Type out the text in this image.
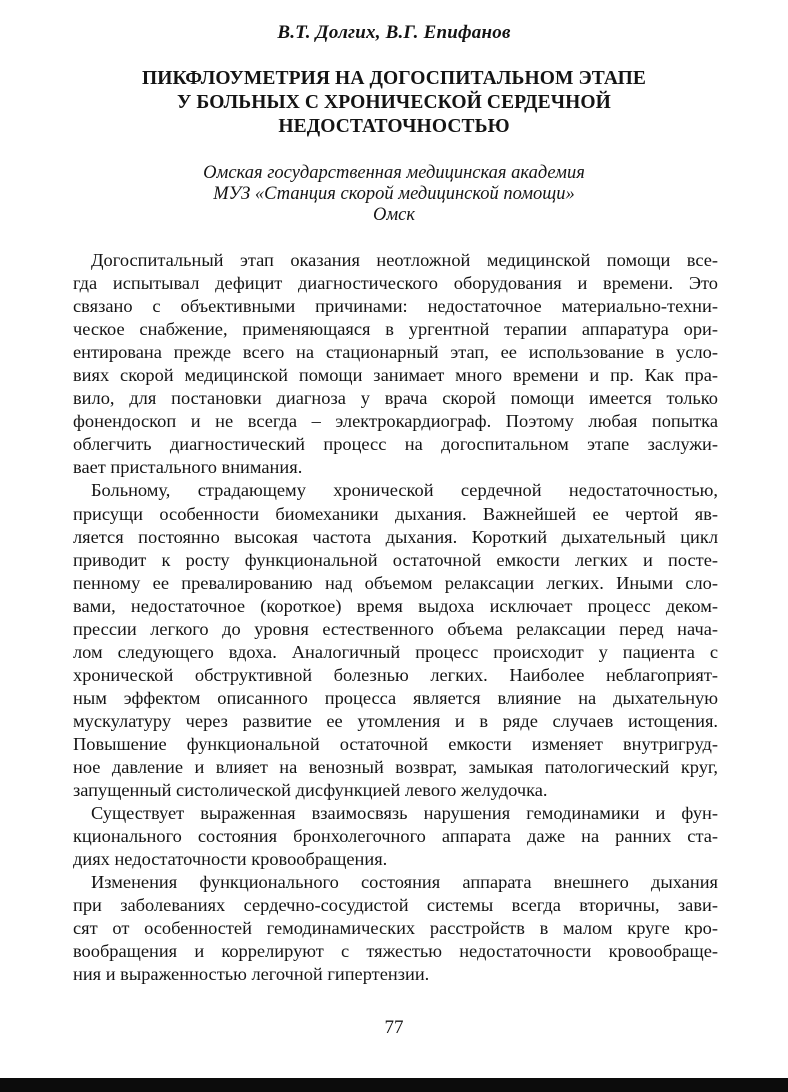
В.Т. Долгих, В.Г. Епифанов
ПИКФЛОУМЕТРИЯ НА ДОГОСПИТАЛЬНОМ ЭТАПЕ
У БОЛЬНЫХ С ХРОНИЧЕСКОЙ СЕРДЕЧНОЙ
НЕДОСТАТОЧНОСТЬЮ
Омская государственная медицинская академия
МУЗ «Станция скорой медицинской помощи»
Омск
Догоспитальный этап оказания неотложной медицинской помощи все-
гда испытывал дефицит диагностического оборудования и времени. Это
связано с объективными причинами: недостаточное материально-техни-
ческое снабжение, применяющаяся в ургентной терапии аппаратура ори-
ентирована прежде всего на стационарный этап, ее использование в усло-
виях скорой медицинской помощи занимает много времени и пр. Как пра-
вило, для постановки диагноза у врача скорой помощи имеется только
фонендоскоп и не всегда – электрокардиограф. Поэтому любая попытка
облегчить диагностический процесс на догоспитальном этапе заслужи-
вает пристального внимания.
Больному, страдающему хронической сердечной недостаточностью,
присущи особенности биомеханики дыхания. Важнейшей ее чертой яв-
ляется постоянно высокая частота дыхания. Короткий дыхательный цикл
приводит к росту функциональной остаточной емкости легких и посте-
пенному ее превалированию над объемом релаксации легких. Иными сло-
вами, недостаточное (короткое) время выдоха исключает процесс деком-
прессии легкого до уровня естественного объема релаксации перед нача-
лом следующего вдоха. Аналогичный процесс происходит у пациента с
хронической обструктивной болезнью легких. Наиболее неблагоприят-
ным эффектом описанного процесса является влияние на дыхательную
мускулатуру через развитие ее утомления и в ряде случаев истощения.
Повышение функциональной остаточной емкости изменяет внутригруд-
ное давление и влияет на венозный возврат, замыкая патологический круг,
запущенный систолической дисфункцией левого желудочка.
Существует выраженная взаимосвязь нарушения гемодинамики и фун-
кционального состояния бронхолегочного аппарата даже на ранних ста-
диях недостаточности кровообращения.
Изменения функционального состояния аппарата внешнего дыхания
при заболеваниях сердечно-сосудистой системы всегда вторичны, зави-
сят от особенностей гемодинамических расстройств в малом круге кро-
вообращения и коррелируют с тяжестью недостаточности кровообраще-
ния и выраженностью легочной гипертензии.
77
